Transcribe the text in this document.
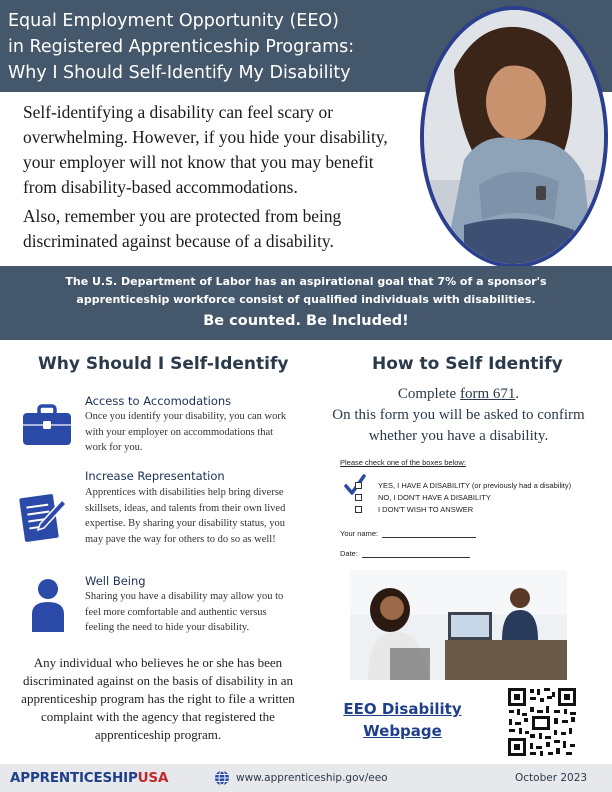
Equal Employment Opportunity (EEO)
in Registered Apprenticeship Programs:
Why I Should Self-Identify My Disability

Self-identifying a disability can feel scary or overwhelming. However, if you hide your disability, your employer will not know that you may benefit from disability-based accommodations.

Also, remember you are protected from being discriminated against because of a disability.

The U.S. Department of Labor has an aspirational goal that 7% of a sponsor's apprenticeship workforce consist of qualified individuals with disabilities.
Be counted. Be Included!
Why Should I Self-Identify
Access to Accomodations
Once you identify your disability, you can work with your employer on accommodations that work for you.
Increase Representation
Apprentices with disabilities help bring diverse skillsets, ideas, and talents from their own lived expertise. By sharing your disability status, you may pave the way for others to do so as well!
Well Being
Sharing you have a disability may allow you to feel more comfortable and authentic versus feeling the need to hide your disability.
Any individual who believes he or she has been discriminated against on the basis of disability in an apprenticeship program has the right to file a written complaint with the agency that registered the apprenticeship program.
How to Self Identify
Complete form 671.
On this form you will be asked to confirm whether you have a disability.
Please check one of the boxes below:
YES, I HAVE A DISABILITY (or previously had a disability)
NO, I DON'T HAVE A DISABILITY
I DON'T WISH TO ANSWER
Your name:
Date:
EEO Disability
Webpage
APPRENTICESHIPUSA	www.apprenticeship.gov/eeo	October 2023
